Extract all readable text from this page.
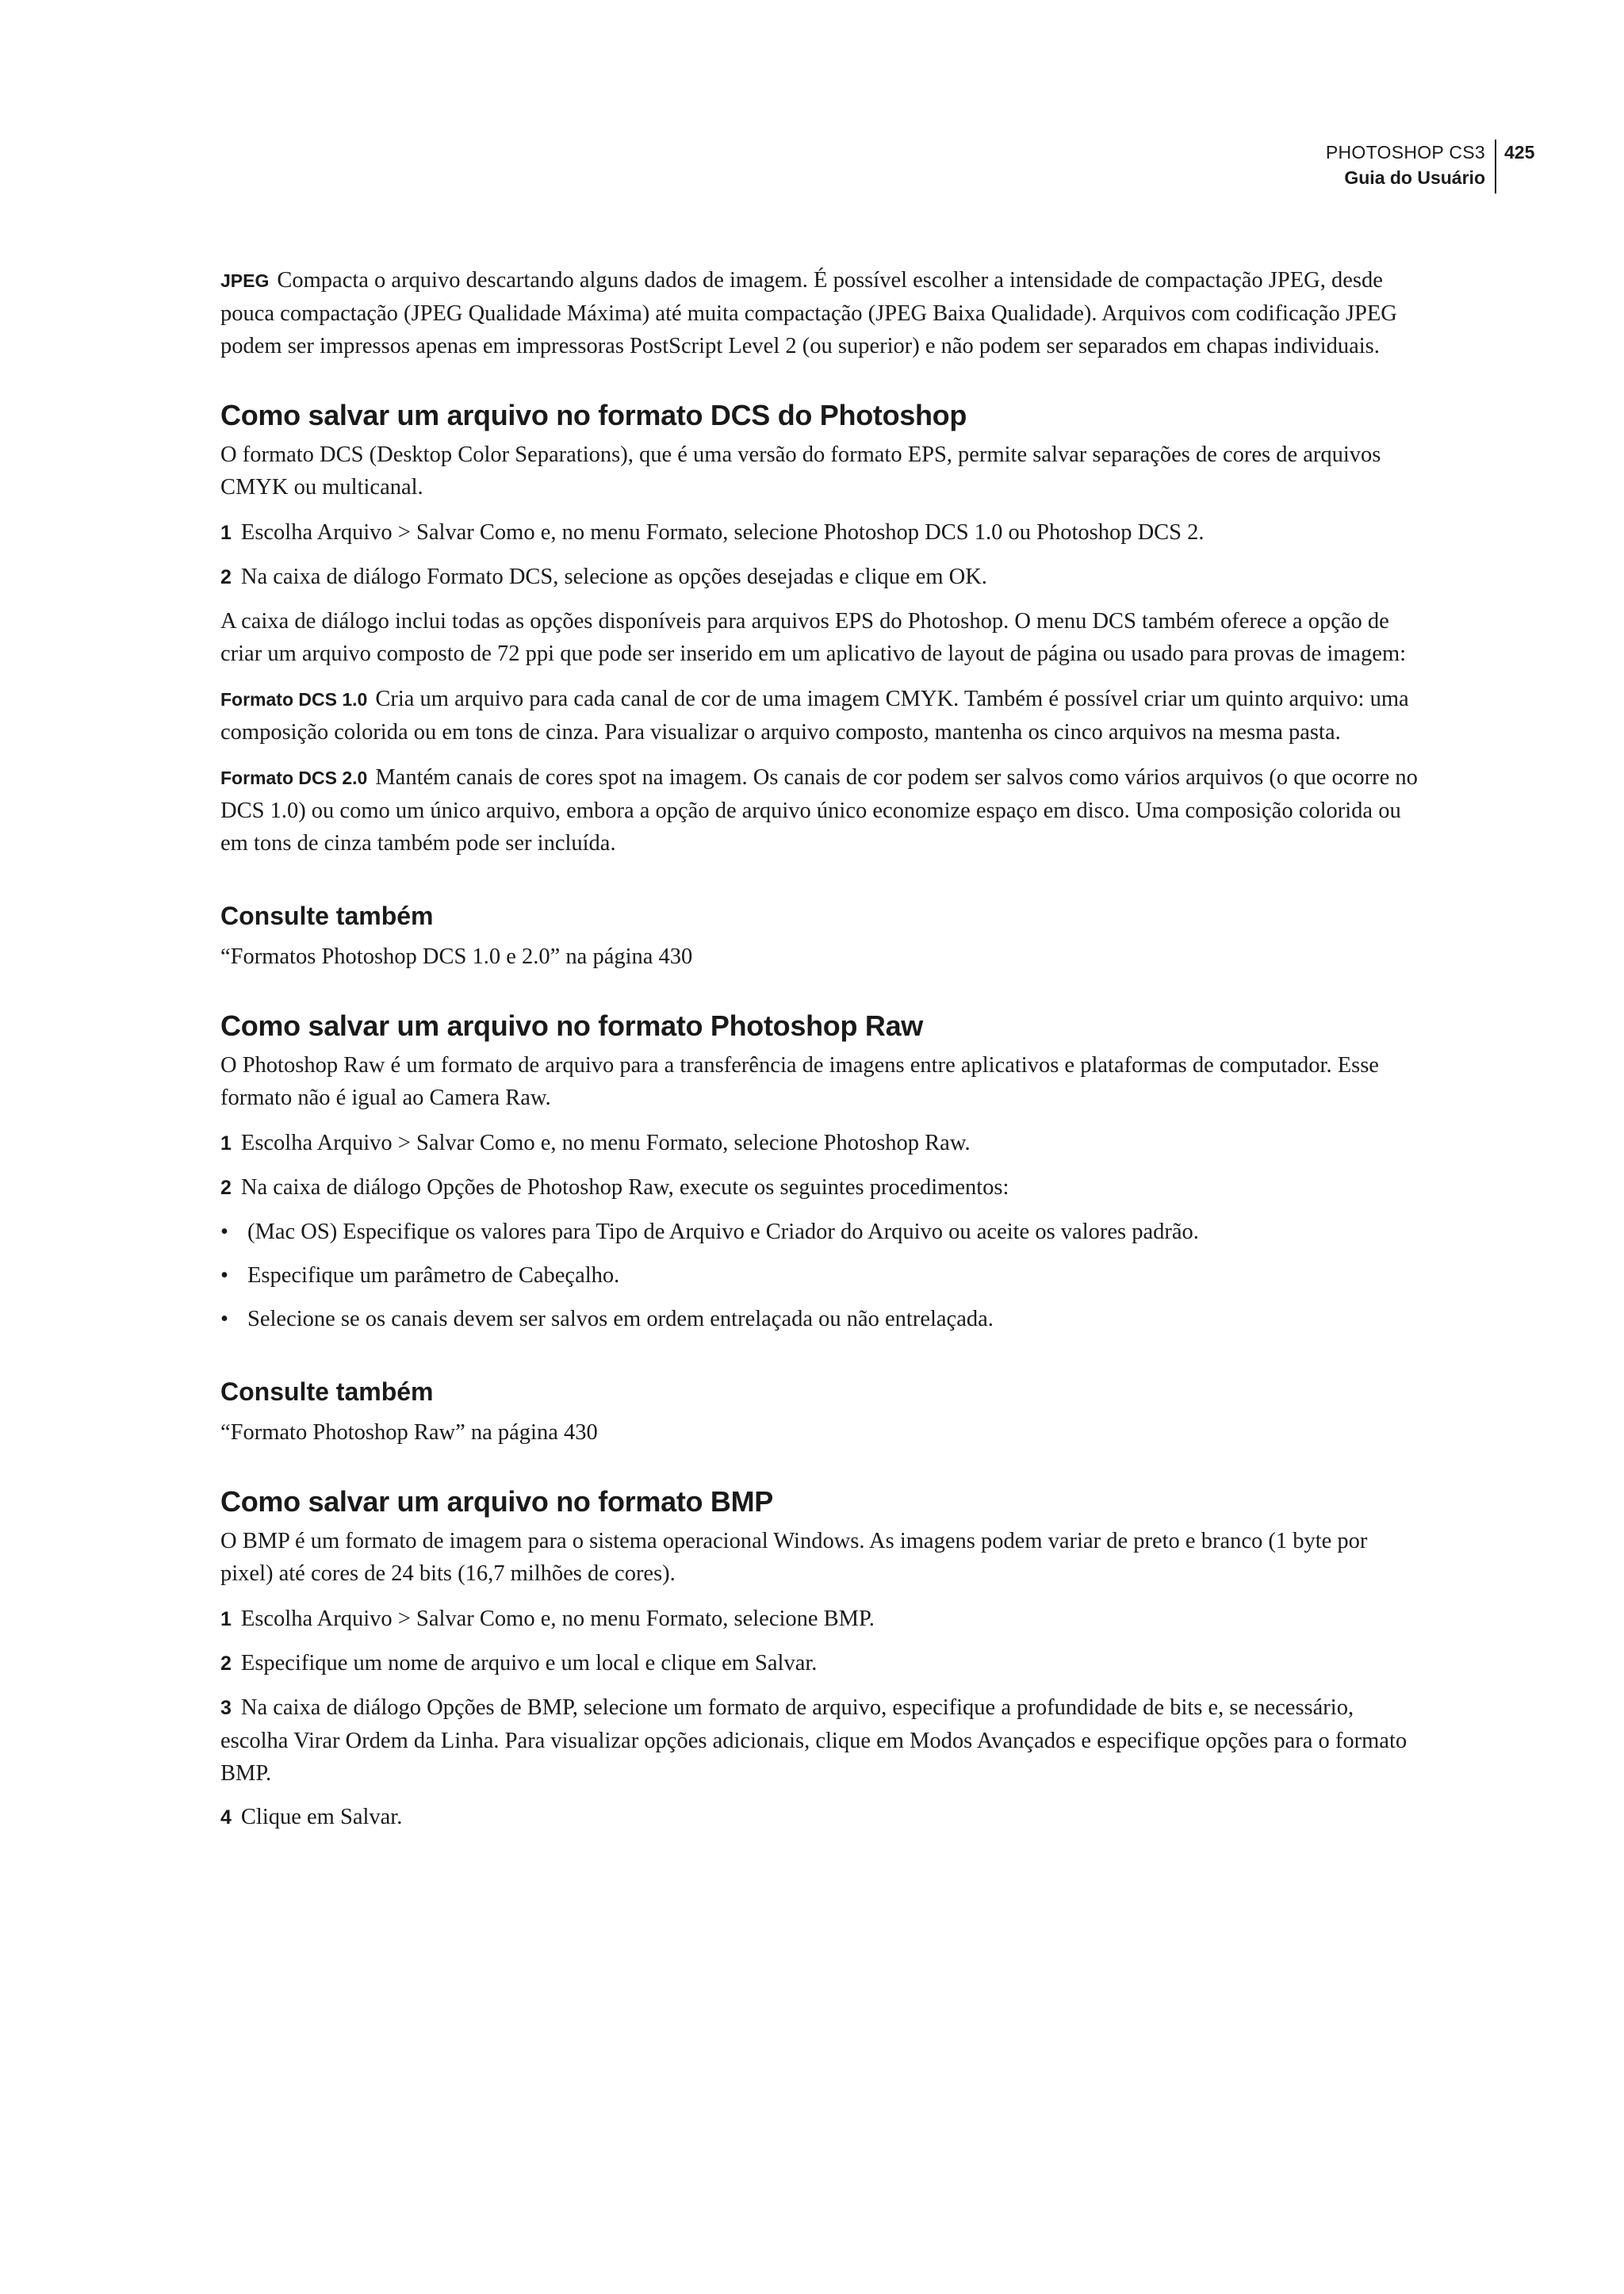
PHOTOSHOP CS3
Guia do Usuário
425

JPEG Compacta o arquivo descartando alguns dados de imagem. É possível escolher a intensidade de compactação JPEG, desde pouca compactação (JPEG Qualidade Máxima) até muita compactação (JPEG Baixa Qualidade). Arquivos com codificação JPEG podem ser impressos apenas em impressoras PostScript Level 2 (ou superior) e não podem ser separados em chapas individuais.

Como salvar um arquivo no formato DCS do Photoshop

O formato DCS (Desktop Color Separations), que é uma versão do formato EPS, permite salvar separações de cores de arquivos CMYK ou multicanal.

1 Escolha Arquivo > Salvar Como e, no menu Formato, selecione Photoshop DCS 1.0 ou Photoshop DCS 2.

2 Na caixa de diálogo Formato DCS, selecione as opções desejadas e clique em OK.

A caixa de diálogo inclui todas as opções disponíveis para arquivos EPS do Photoshop. O menu DCS também oferece a opção de criar um arquivo composto de 72 ppi que pode ser inserido em um aplicativo de layout de página ou usado para provas de imagem:

Formato DCS 1.0 Cria um arquivo para cada canal de cor de uma imagem CMYK. Também é possível criar um quinto arquivo: uma composição colorida ou em tons de cinza. Para visualizar o arquivo composto, mantenha os cinco arquivos na mesma pasta.

Formato DCS 2.0 Mantém canais de cores spot na imagem. Os canais de cor podem ser salvos como vários arquivos (o que ocorre no DCS 1.0) ou como um único arquivo, embora a opção de arquivo único economize espaço em disco. Uma composição colorida ou em tons de cinza também pode ser incluída.

Consulte também

“Formatos Photoshop DCS 1.0 e 2.0” na página 430

Como salvar um arquivo no formato Photoshop Raw

O Photoshop Raw é um formato de arquivo para a transferência de imagens entre aplicativos e plataformas de computador. Esse formato não é igual ao Camera Raw.

1 Escolha Arquivo > Salvar Como e, no menu Formato, selecione Photoshop Raw.

2 Na caixa de diálogo Opções de Photoshop Raw, execute os seguintes procedimentos:

• (Mac OS) Especifique os valores para Tipo de Arquivo e Criador do Arquivo ou aceite os valores padrão.

• Especifique um parâmetro de Cabeçalho.

• Selecione se os canais devem ser salvos em ordem entrelaçada ou não entrelaçada.

Consulte também

“Formato Photoshop Raw” na página 430

Como salvar um arquivo no formato BMP

O BMP é um formato de imagem para o sistema operacional Windows. As imagens podem variar de preto e branco (1 byte por pixel) até cores de 24 bits (16,7 milhões de cores).

1 Escolha Arquivo > Salvar Como e, no menu Formato, selecione BMP.

2 Especifique um nome de arquivo e um local e clique em Salvar.

3 Na caixa de diálogo Opções de BMP, selecione um formato de arquivo, especifique a profundidade de bits e, se necessário, escolha Virar Ordem da Linha. Para visualizar opções adicionais, clique em Modos Avançados e especifique opções para o formato BMP.

4 Clique em Salvar.
